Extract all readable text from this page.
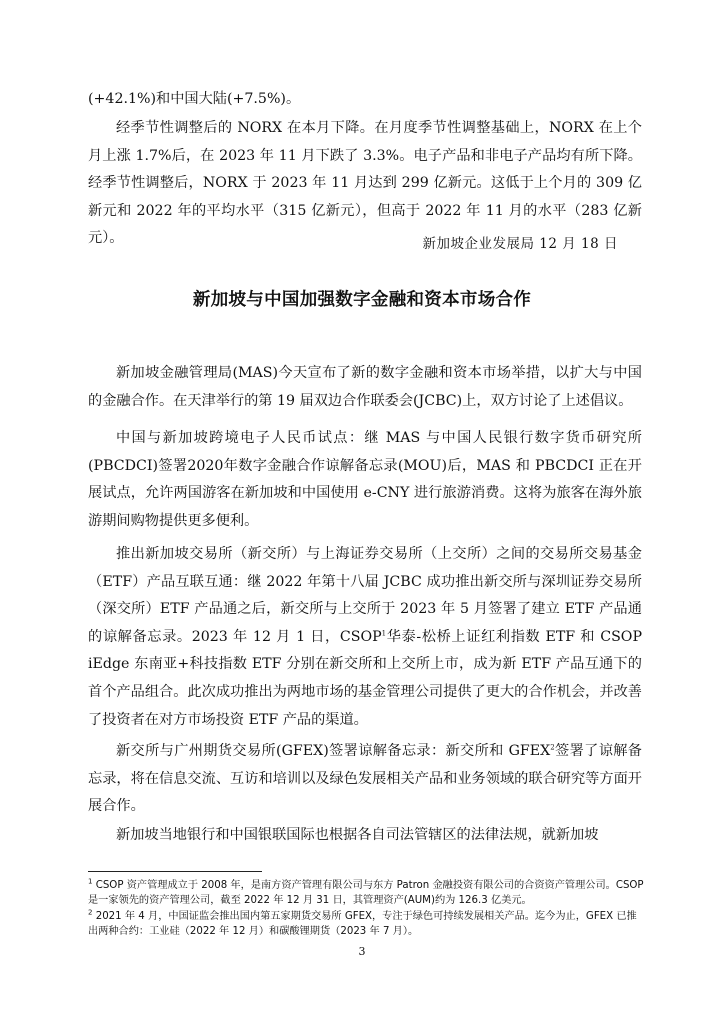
(+42.1%)和中国大陆(+7.5%)。

经季节性调整后的 NORX 在本月下降。在月度季节性调整基础上，NORX 在上个月上涨 1.7%后，在 2023 年 11 月下跌了 3.3%。电子产品和非电子产品均有所下降。经季节性调整后，NORX 于 2023 年 11 月达到 299 亿新元。这低于上个月的 309 亿新元和 2022 年的平均水平（315 亿新元），但高于 2022 年 11 月的水平（283 亿新元）。	新加坡企业发展局 12 月 18 日

新加坡与中国加强数字金融和资本市场合作

新加坡金融管理局(MAS)今天宣布了新的数字金融和资本市场举措，以扩大与中国的金融合作。在天津举行的第 19 届双边合作联委会(JCBC)上，双方讨论了上述倡议。

中国与新加坡跨境电子人民币试点：继 MAS 与中国人民银行数字货币研究所(PBCDCI)签署2020年数字金融合作谅解备忘录(MOU)后，MAS 和 PBCDCI 正在开展试点，允许两国游客在新加坡和中国使用 e-CNY 进行旅游消费。这将为旅客在海外旅游期间购物提供更多便利。

推出新加坡交易所（新交所）与上海证券交易所（上交所）之间的交易所交易基金（ETF）产品互联互通：继 2022 年第十八届 JCBC 成功推出新交所与深圳证券交易所（深交所）ETF 产品通之后，新交所与上交所于 2023 年 5 月签署了建立 ETF 产品通的谅解备忘录。2023 年 12 月 1 日，CSOP$^1$华泰-松桥上证红利指数 ETF 和 CSOP iEdge 东南亚+科技指数 ETF 分别在新交所和上交所上市，成为新 ETF 产品互通下的首个产品组合。此次成功推出为两地市场的基金管理公司提供了更大的合作机会，并改善了投资者在对方市场投资 ETF 产品的渠道。

新交所与广州期货交易所(GFEX)签署谅解备忘录：新交所和 GFEX$^2$签署了谅解备忘录，将在信息交流、互访和培训以及绿色发展相关产品和业务领域的联合研究等方面开展合作。

新加坡当地银行和中国银联国际也根据各自司法管辖区的法律法规，就新加坡

$^1$ CSOP 资产管理成立于 2008 年，是南方资产管理有限公司与东方 Patron 金融投资有限公司的合资资产管理公司。CSOP 是一家领先的资产管理公司，截至 2022 年 12 月 31 日，其管理资产(AUM)约为 126.3 亿美元。

$^2$ 2021 年 4 月，中国证监会推出国内第五家期货交易所 GFEX，专注于绿色可持续发展相关产品。迄今为止，GFEX 已推出两种合约：工业硅（2022 年 12 月）和碳酸锂期货（2023 年 7 月）。

3
